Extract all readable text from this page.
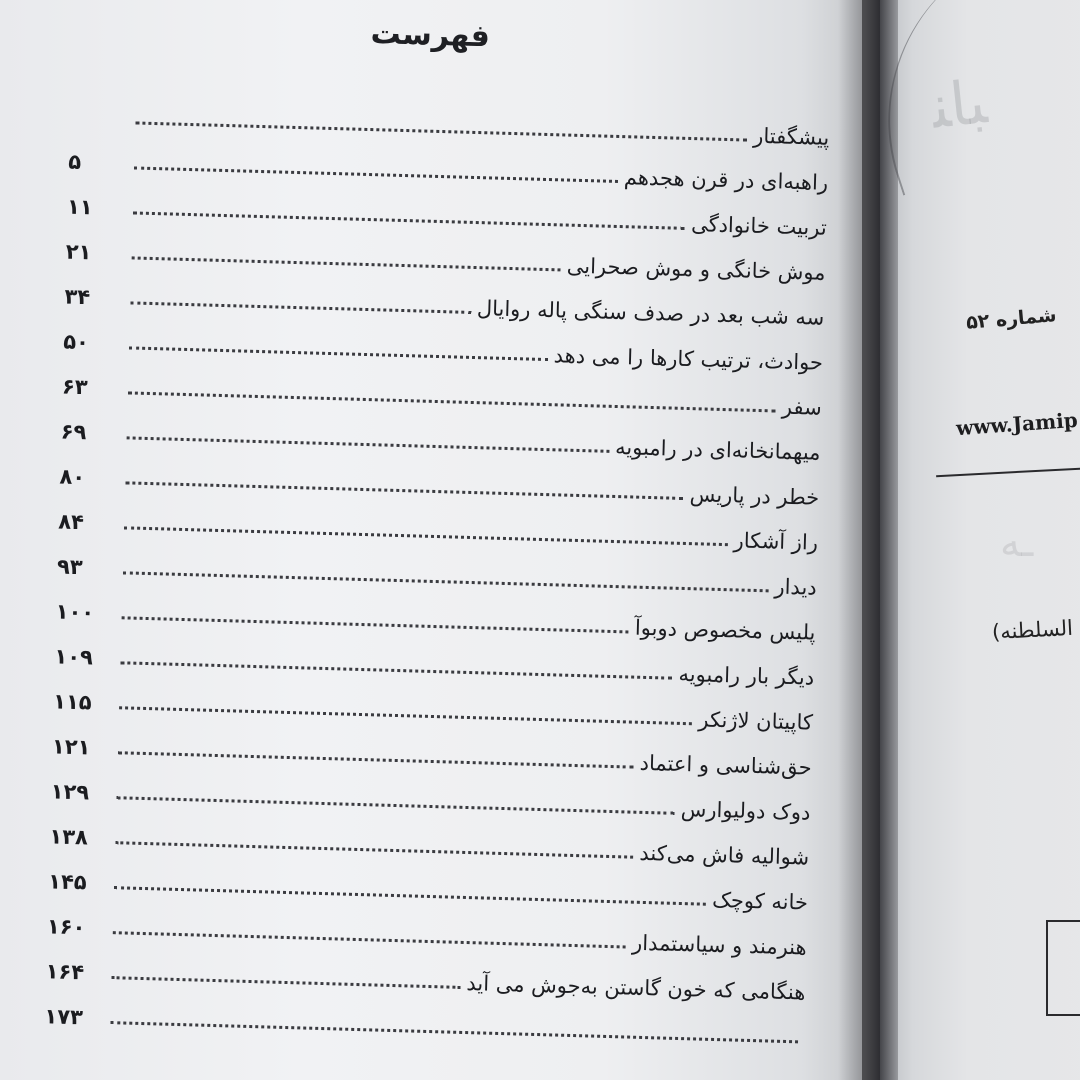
ﺒﺎﻨ
شماره ۵۲
www.Jamip
ـه
السلطنه)
فهرست
پیشگفتار
راهبه‌ای در قرن هجدهم
۵
تربیت خانوادگی
۱۱
موش خانگی و موش صحرایی
۲۱
سه شب بعد در صدف سنگی پاله روایال
۳۴
حوادث، ترتیب کارها را می دهد
۵۰
سفر
۶۳
میهمانخانه‌ای در رامبویه
۶۹
خطر در پاریس
۸۰
راز آشکار
۸۴
دیدار
۹۳
پلیس مخصوص دوبوآ
۱۰۰
دیگر بار رامبویه
۱۰۹
کاپیتان لاژنکر
۱۱۵
حق‌شناسی و اعتماد
۱۲۱
دوک دولیوارس
۱۲۹
شوالیه فاش می‌کند
۱۳۸
خانه کوچک
۱۴۵
هنرمند و سیاستمدار
۱۶۰
هنگامی که خون گاستن به‌جوش می آید
۱۶۴
۱۷۳
